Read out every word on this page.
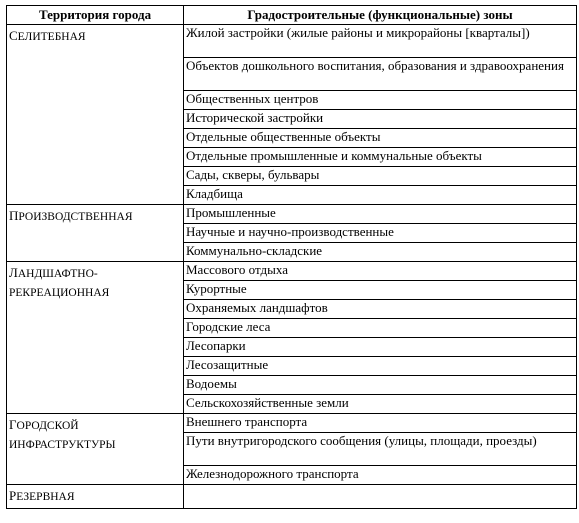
Территория города	Градостроительные (функциональные) зоны
СЕЛИТЕБНАЯ	Жилой застройки (жилые районы и микрорайоны [кварталы])
	Объектов дошкольного воспитания, образования и здравоохранения
	Общественных центров
	Исторической застройки
	Отдельные общественные объекты
	Отдельные промышленные и коммунальные объекты
	Сады, скверы, бульвары
	Кладбища
ПРОИЗВОДСТВЕННАЯ	Промышленные
	Научные и научно-производственные
	Коммунально-складские
ЛАНДШАФТНО-РЕКРЕАЦИОННАЯ	Массового отдыха
	Курортные
	Охраняемых ландшафтов
	Городские леса
	Лесопарки
	Лесозащитные
	Водоемы
	Сельскохозяйственные земли
ГОРОДСКОЙ ИНФРАСТРУКТУРЫ	Внешнего транспорта
	Пути внутригородского сообщения (улицы, площади, проезды)
	Железнодорожного транспорта
РЕЗЕРВНАЯ	
